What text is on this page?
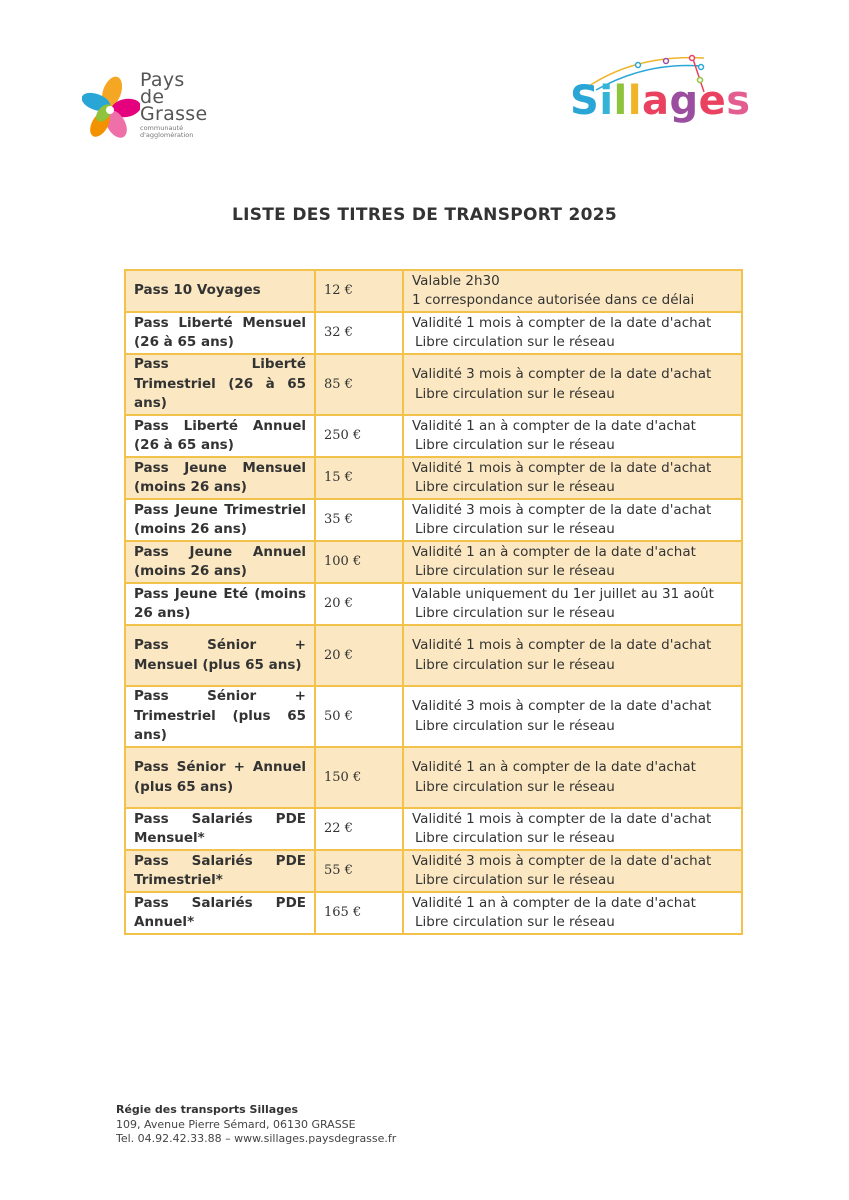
Pays
de
Grasse
communauté
d'agglomération
Sillages
LISTE DES TITRES DE TRANSPORT 2025
Pass 10 Voyages	12 €	Valable 2h30
1 correspondance autorisée dans ce délai

Pass Liberté Mensuel (26 à 65 ans)	32 €	Validité 1 mois à compter de la date d'achat
Libre circulation sur le réseau

Pass Liberté Trimestriel (26 à 65 ans)	85 €	Validité 3 mois à compter de la date d'achat
Libre circulation sur le réseau

Pass Liberté Annuel (26 à 65 ans)	250 €	Validité 1 an à compter de la date d'achat
Libre circulation sur le réseau

Pass Jeune Mensuel (moins 26 ans)	15 €	Validité 1 mois à compter de la date d'achat
Libre circulation sur le réseau

Pass Jeune Trimestriel (moins 26 ans)	35 €	Validité 3 mois à compter de la date d'achat
Libre circulation sur le réseau

Pass Jeune Annuel (moins 26 ans)	100 €	Validité 1 an à compter de la date d'achat
Libre circulation sur le réseau

Pass Jeune Eté (moins 26 ans)	20 €	Valable uniquement du 1er juillet au 31 août
Libre circulation sur le réseau

Pass Sénior + Mensuel (plus 65 ans)	20 €	Validité 1 mois à compter de la date d'achat
Libre circulation sur le réseau

Pass Sénior + Trimestriel (plus 65 ans)	50 €	Validité 3 mois à compter de la date d'achat
Libre circulation sur le réseau

Pass Sénior + Annuel (plus 65 ans)	150 €	Validité 1 an à compter de la date d'achat
Libre circulation sur le réseau

Pass Salariés PDE Mensuel*	22 €	Validité 1 mois à compter de la date d'achat
Libre circulation sur le réseau

Pass Salariés PDE Trimestriel*	55 €	Validité 3 mois à compter de la date d'achat
Libre circulation sur le réseau

Pass Salariés PDE Annuel*	165 €	Validité 1 an à compter de la date d'achat
Libre circulation sur le réseau
Régie des transports Sillages
109, Avenue Pierre Sémard, 06130 GRASSE
Tel. 04.92.42.33.88 – www.sillages.paysdegrasse.fr
